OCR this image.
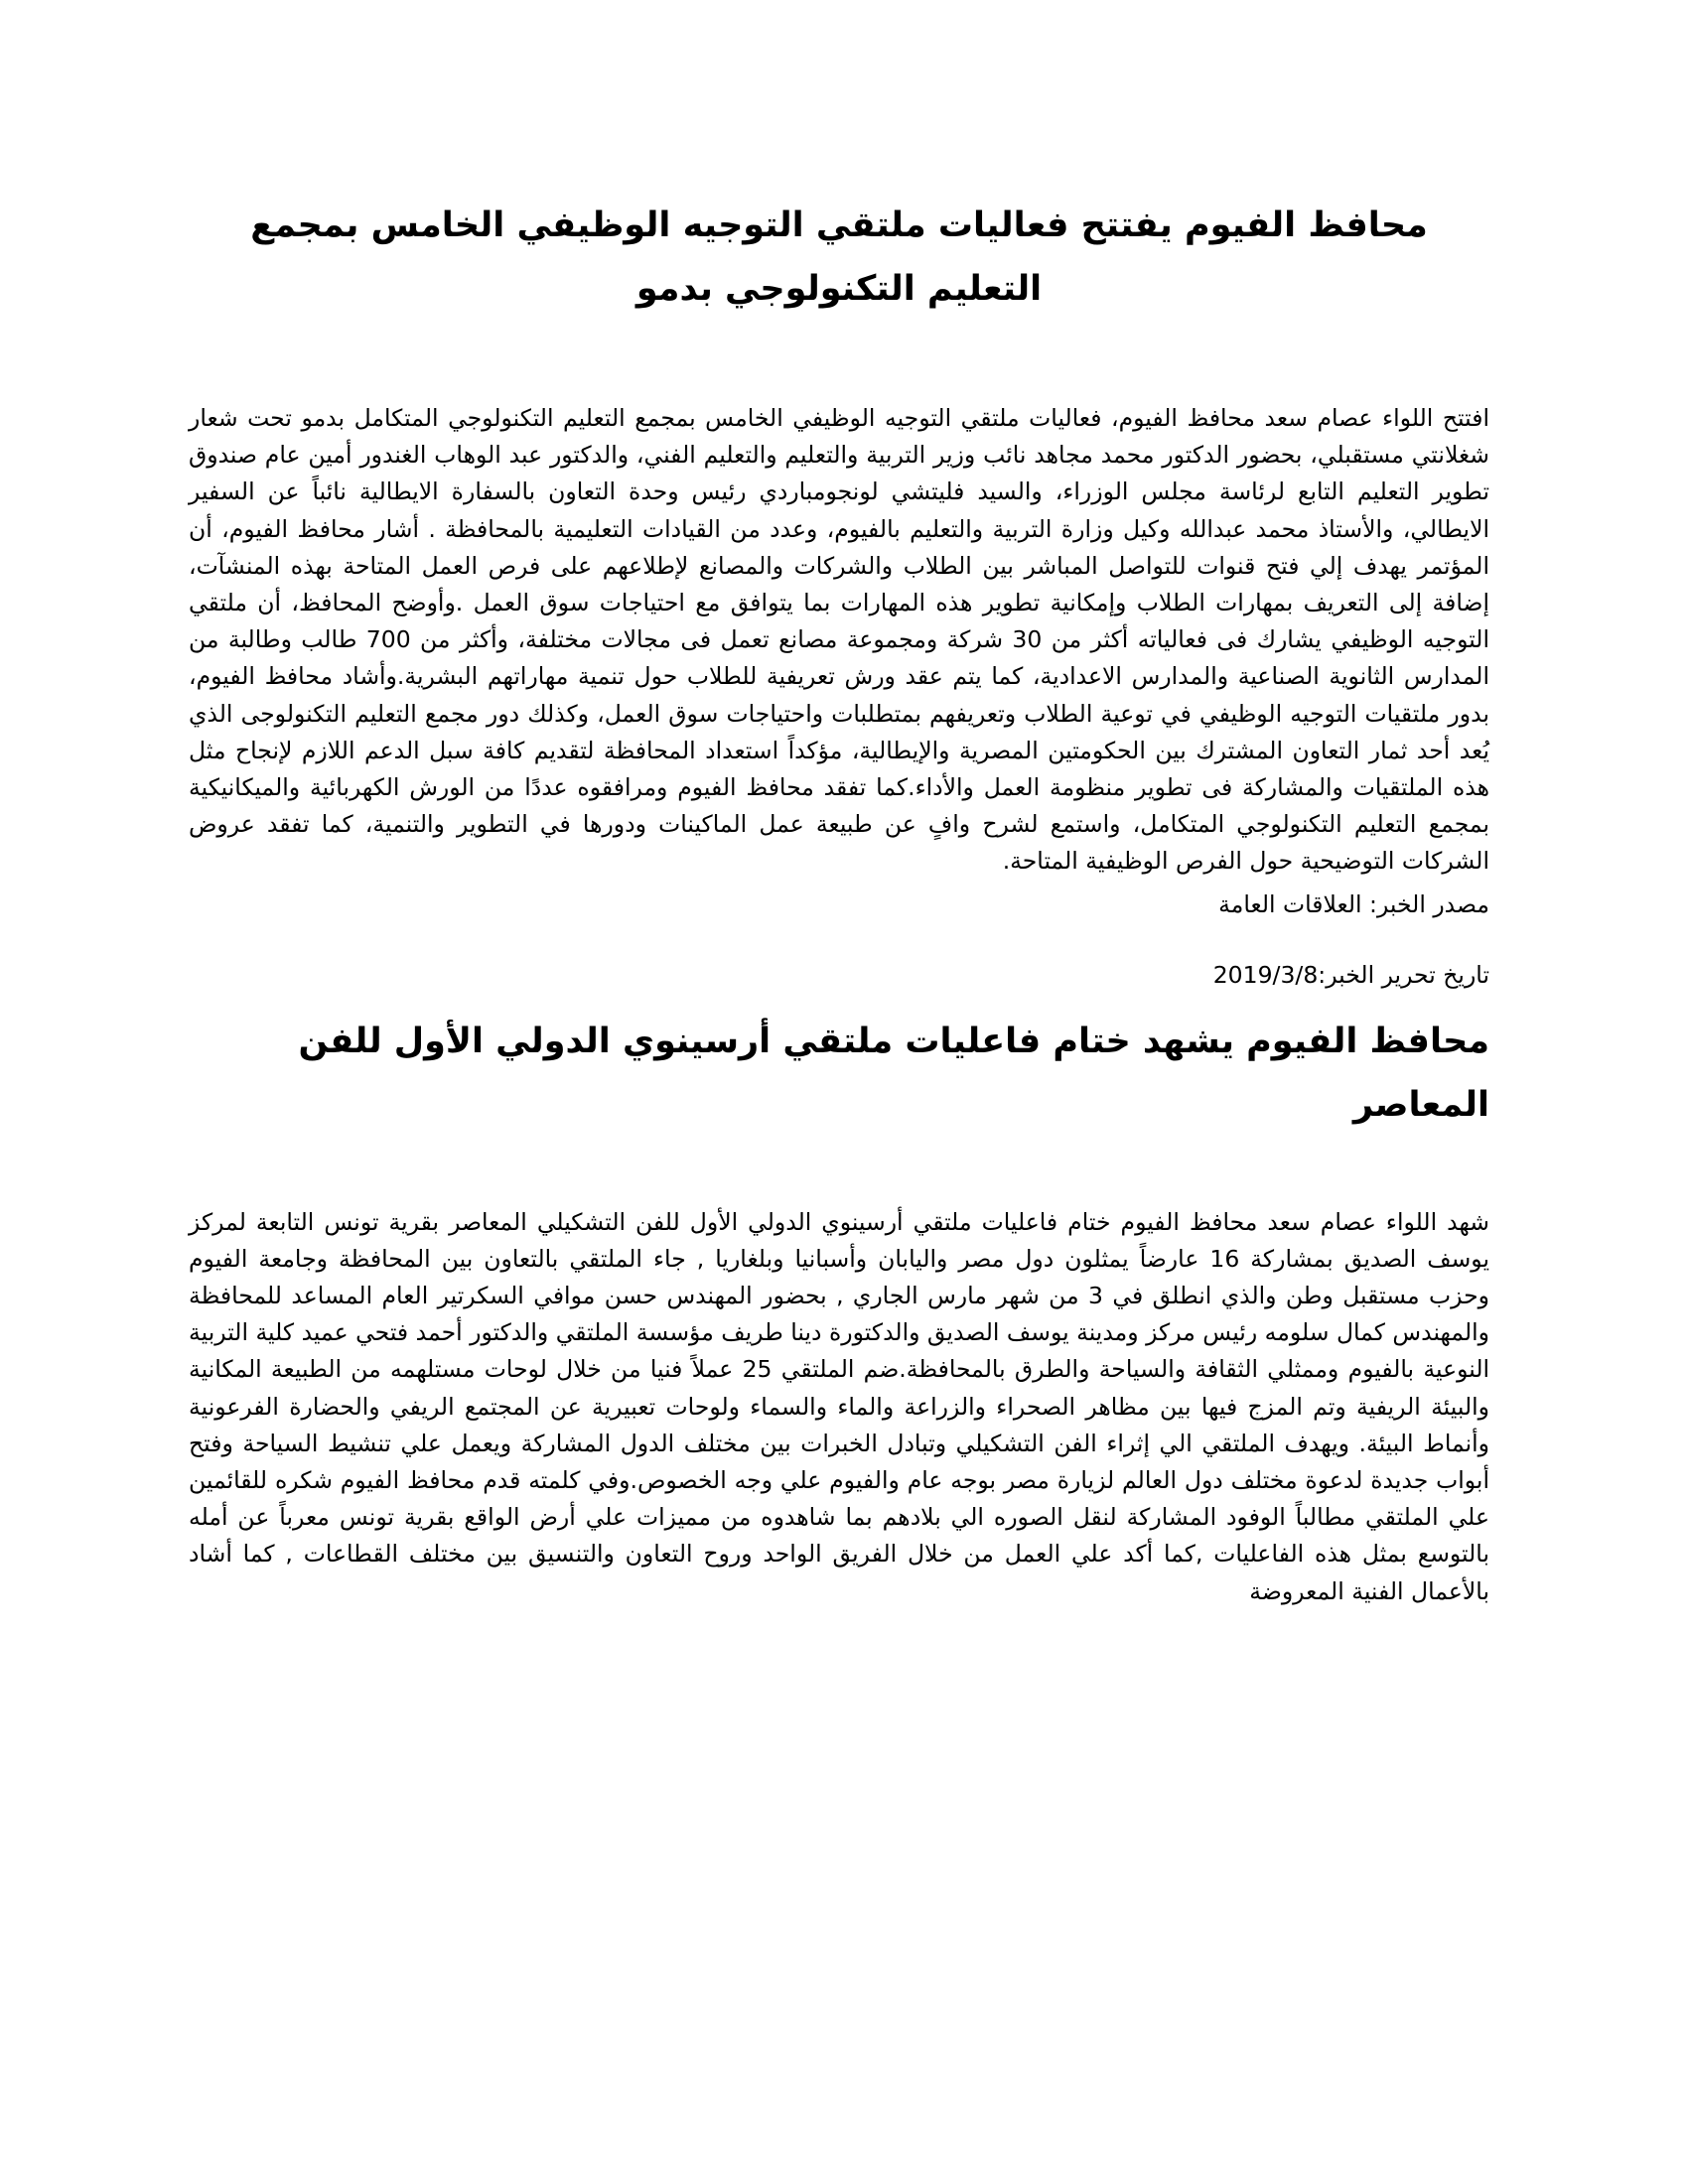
محافظ الفيوم يفتتح فعاليات ملتقي التوجيه الوظيفي الخامس بمجمع التعليم التكنولوجي بدمو

افتتح اللواء عصام سعد محافظ الفيوم، فعاليات ملتقي التوجيه الوظيفي الخامس بمجمع التعليم التكنولوجي المتكامل بدمو تحت شعار شغلانتي مستقبلي، بحضور الدكتور محمد مجاهد نائب وزير التربية والتعليم والتعليم الفني، والدكتور عبد الوهاب الغندور أمين عام صندوق تطوير التعليم التابع لرئاسة مجلس الوزراء، والسيد فليتشي لونجومباردي رئيس وحدة التعاون بالسفارة الايطالية نائباً عن السفير الايطالي، والأستاذ محمد عبدالله وكيل وزارة التربية والتعليم بالفيوم، وعدد من القيادات التعليمية بالمحافظة . أشار محافظ الفيوم، أن المؤتمر يهدف إلي فتح قنوات للتواصل المباشر بين الطلاب والشركات والمصانع لإطلاعهم على فرص العمل المتاحة بهذه المنشآت، إضافة إلى التعريف بمهارات الطلاب وإمكانية تطوير هذه المهارات بما يتوافق مع احتياجات سوق العمل .وأوضح المحافظ، أن ملتقي التوجيه الوظيفي يشارك فى فعالياته أكثر من 30 شركة ومجموعة مصانع تعمل فى مجالات مختلفة، وأكثر من 700 طالب وطالبة من المدارس الثانوية الصناعية والمدارس الاعدادية، كما يتم عقد ورش تعريفية للطلاب حول تنمية مهاراتهم البشرية.وأشاد محافظ الفيوم، بدور ملتقيات التوجيه الوظيفي في توعية الطلاب وتعريفهم بمتطلبات واحتياجات سوق العمل، وكذلك دور مجمع التعليم التكنولوجى الذي يُعد أحد ثمار التعاون المشترك بين الحكومتين المصرية والإيطالية، مؤكداً استعداد المحافظة لتقديم كافة سبل الدعم اللازم لإنجاح مثل هذه الملتقيات والمشاركة فى تطوير منظومة العمل والأداء.كما تفقد محافظ الفيوم ومرافقوه عددًا من الورش الكهربائية والميكانيكية بمجمع التعليم التكنولوجي المتكامل، واستمع لشرح وافٍ عن طبيعة عمل الماكينات ودورها في التطوير والتنمية، كما تفقد عروض الشركات التوضيحية حول الفرص الوظيفية المتاحة.

مصدر الخبر: العلاقات العامة

تاريخ تحرير الخبر:2019/3/8

محافظ الفيوم يشهد ختام فاعليات ملتقي أرسينوي الدولي الأول للفن المعاصر

شهد اللواء عصام سعد محافظ الفيوم ختام فاعليات ملتقي أرسينوي الدولي الأول للفن التشكيلي المعاصر بقرية تونس التابعة لمركز يوسف الصديق بمشاركة 16 عارضاً يمثلون دول مصر واليابان وأسبانيا وبلغاريا , جاء الملتقي بالتعاون بين المحافظة وجامعة الفيوم وحزب مستقبل وطن والذي انطلق في 3 من شهر مارس الجاري , بحضور المهندس حسن موافي السكرتير العام المساعد للمحافظة والمهندس كمال سلومه رئيس مركز ومدينة يوسف الصديق والدكتورة دينا طريف مؤسسة الملتقي والدكتور أحمد فتحي عميد كلية التربية النوعية بالفيوم وممثلي الثقافة والسياحة والطرق بالمحافظة.ضم الملتقي 25 عملاً فنيا من خلال لوحات مستلهمه من الطبيعة المكانية والبيئة الريفية وتم المزج فيها بين مظاهر الصحراء والزراعة والماء والسماء ولوحات تعبيرية عن المجتمع الريفي والحضارة الفرعونية وأنماط البيئة. ويهدف الملتقي الي إثراء الفن التشكيلي وتبادل الخبرات بين مختلف الدول المشاركة ويعمل علي تنشيط السياحة وفتح أبواب جديدة لدعوة مختلف دول العالم لزيارة مصر بوجه عام والفيوم علي وجه الخصوص.وفي كلمته قدم محافظ الفيوم شكره للقائمين علي الملتقي مطالباً الوفود المشاركة لنقل الصوره الي بلادهم بما شاهدوه من مميزات علي أرض الواقع بقرية تونس معرباً عن أمله بالتوسع بمثل هذه الفاعليات ,كما أكد علي العمل من خلال الفريق الواحد وروح التعاون والتنسيق بين مختلف القطاعات , كما أشاد بالأعمال الفنية المعروضة
